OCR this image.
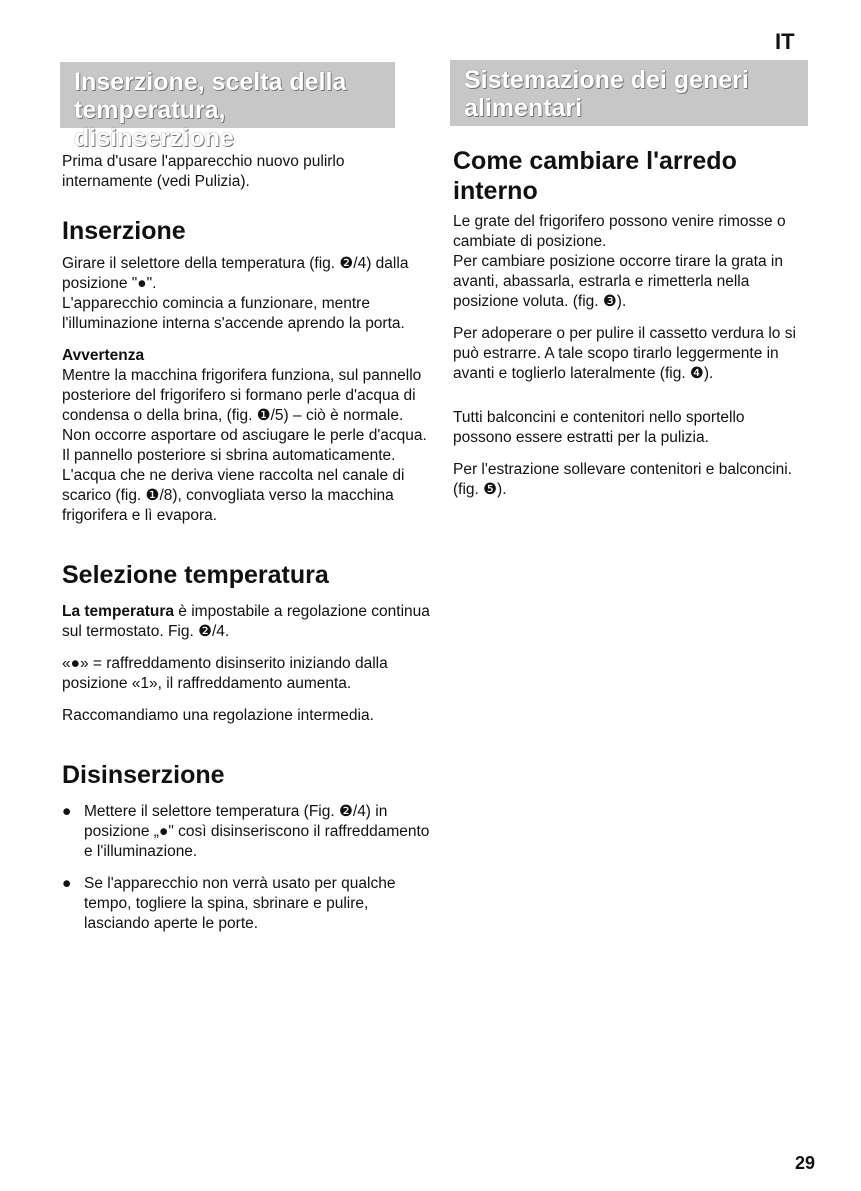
IT
Inserzione, scelta della
temperatura, disinserzione
Sistemazione dei generi
alimentari

Prima d'usare l'apparecchio nuovo pulirlo internamente (vedi Pulizia).

Inserzione

Girare il selettore della temperatura (fig. ❷/4) dalla posizione "●".

L'apparecchio comincia a funzionare, mentre l'illuminazione interna s'accende aprendo la porta.

Avvertenza

Mentre la macchina frigorifera funziona, sul pannello posteriore del frigorifero si formano perle d'acqua di condensa o della brina, (fig. ❶/5) – ciò è normale. Non occorre asportare od asciugare le perle d'acqua.

Il pannello posteriore si sbrina automaticamente. L'acqua che ne deriva viene raccolta nel canale di scarico (fig. ❶/8), convogliata verso la macchina frigorifera e lì evapora.

Selezione temperatura

La temperatura è impostabile a regolazione continua sul termostato. Fig. ❷/4.

«●» = raffreddamento disinserito iniziando dalla posizione «1», il raffreddamento aumenta.

Raccomandiamo una regolazione intermedia.

Disinserzione

● Mettere il selettore temperatura (Fig. ❷/4) in posizione „●" così disinseriscono il raffreddamento e l'illuminazione.
● Se l'apparecchio non verrà usato per qualche tempo, togliere la spina, sbrinare e pulire, lasciando aperte le porte.
Come cambiare l'arredo interno

Le grate del frigorifero possono venire rimosse o cambiate di posizione.

Per cambiare posizione occorre tirare la grata in avanti, abassarla, estrarla e rimetterla nella posizione voluta. (fig. ❸).

Per adoperare o per pulire il cassetto verdura lo si può estrarre. A tale scopo tirarlo leggermente in avanti e toglierlo lateralmente (fig. ❹).

Tutti balconcini e contenitori nello sportello possono essere estratti per la pulizia.

Per l'estrazione sollevare contenitori e balconcini. (fig. ❺).

29
